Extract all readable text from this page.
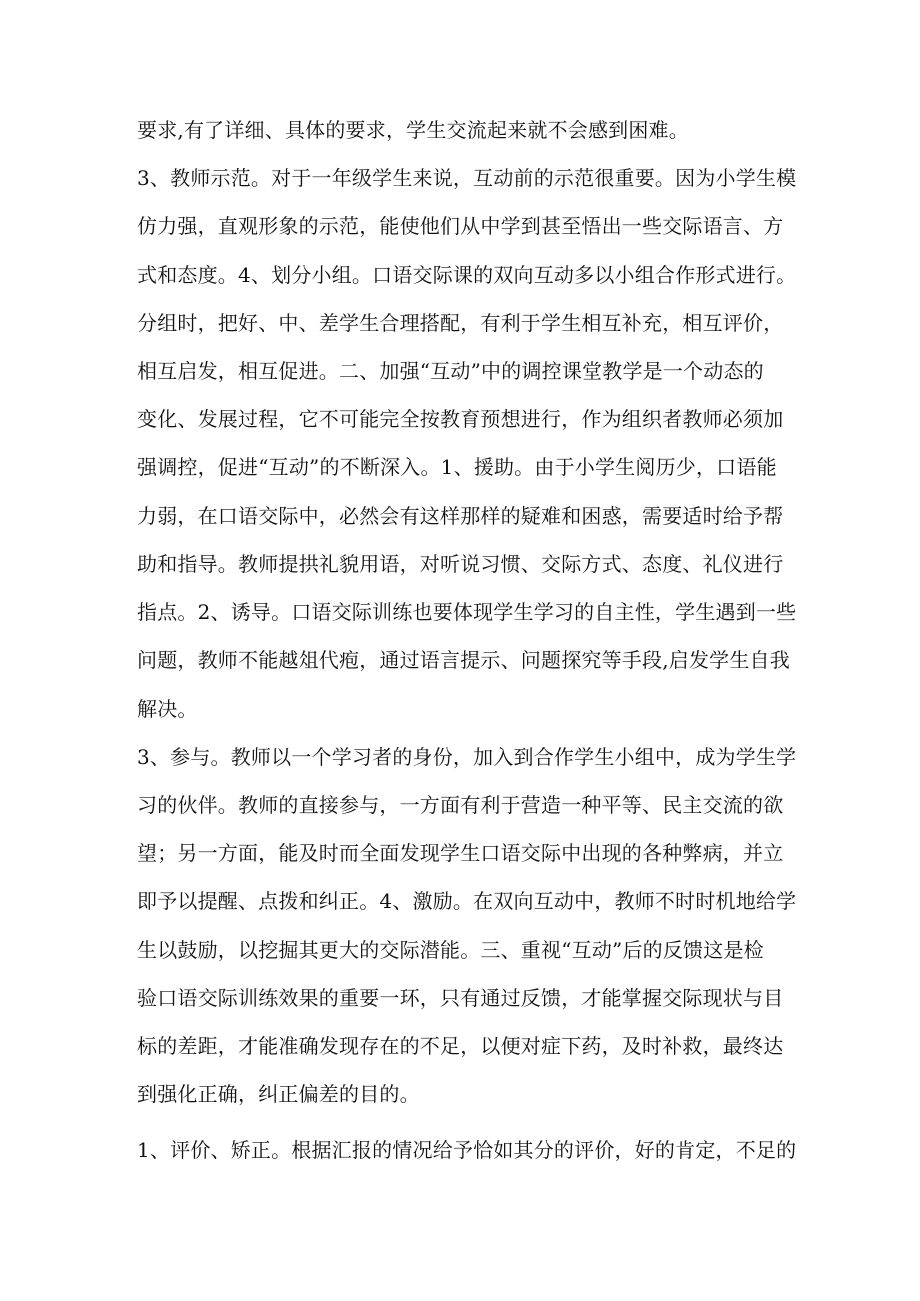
要求,有了详细、具体的要求，学生交流起来就不会感到困难。

3、教师示范。对于一年级学生来说，互动前的示范很重要。因为小学生模

仿力强，直观形象的示范，能使他们从中学到甚至悟出一些交际语言、方

式和态度。4、划分小组。口语交际课的双向互动多以小组合作形式进行。

分组时，把好、中、差学生合理搭配，有利于学生相互补充，相互评价，

相互启发，相互促进。二、加强“互动”中的调控课堂教学是一个动态的

变化、发展过程，它不可能完全按教育预想进行，作为组织者教师必须加

强调控，促进“互动”的不断深入。1、援助。由于小学生阅历少，口语能

力弱，在口语交际中，必然会有这样那样的疑难和困惑，需要适时给予帮

助和指导。教师提拱礼貌用语，对听说习惯、交际方式、态度、礼仪进行

指点。2、诱导。口语交际训练也要体现学生学习的自主性，学生遇到一些

问题，教师不能越俎代疱，通过语言提示、问题探究等手段,启发学生自我

解决。

3、参与。教师以一个学习者的身份，加入到合作学生小组中，成为学生学

习的伙伴。教师的直接参与，一方面有利于营造一种平等、民主交流的欲

望；另一方面，能及时而全面发现学生口语交际中出现的各种弊病，并立

即予以提醒、点拨和纠正。4、激励。在双向互动中，教师不时时机地给学

生以鼓励，以挖掘其更大的交际潜能。三、重视“互动”后的反馈这是检

验口语交际训练效果的重要一环，只有通过反馈，才能掌握交际现状与目

标的差距，才能准确发现存在的不足，以便对症下药，及时补救，最终达

到强化正确，纠正偏差的目的。

1、评价、矫正。根据汇报的情况给予恰如其分的评价，好的肯定，不足的
